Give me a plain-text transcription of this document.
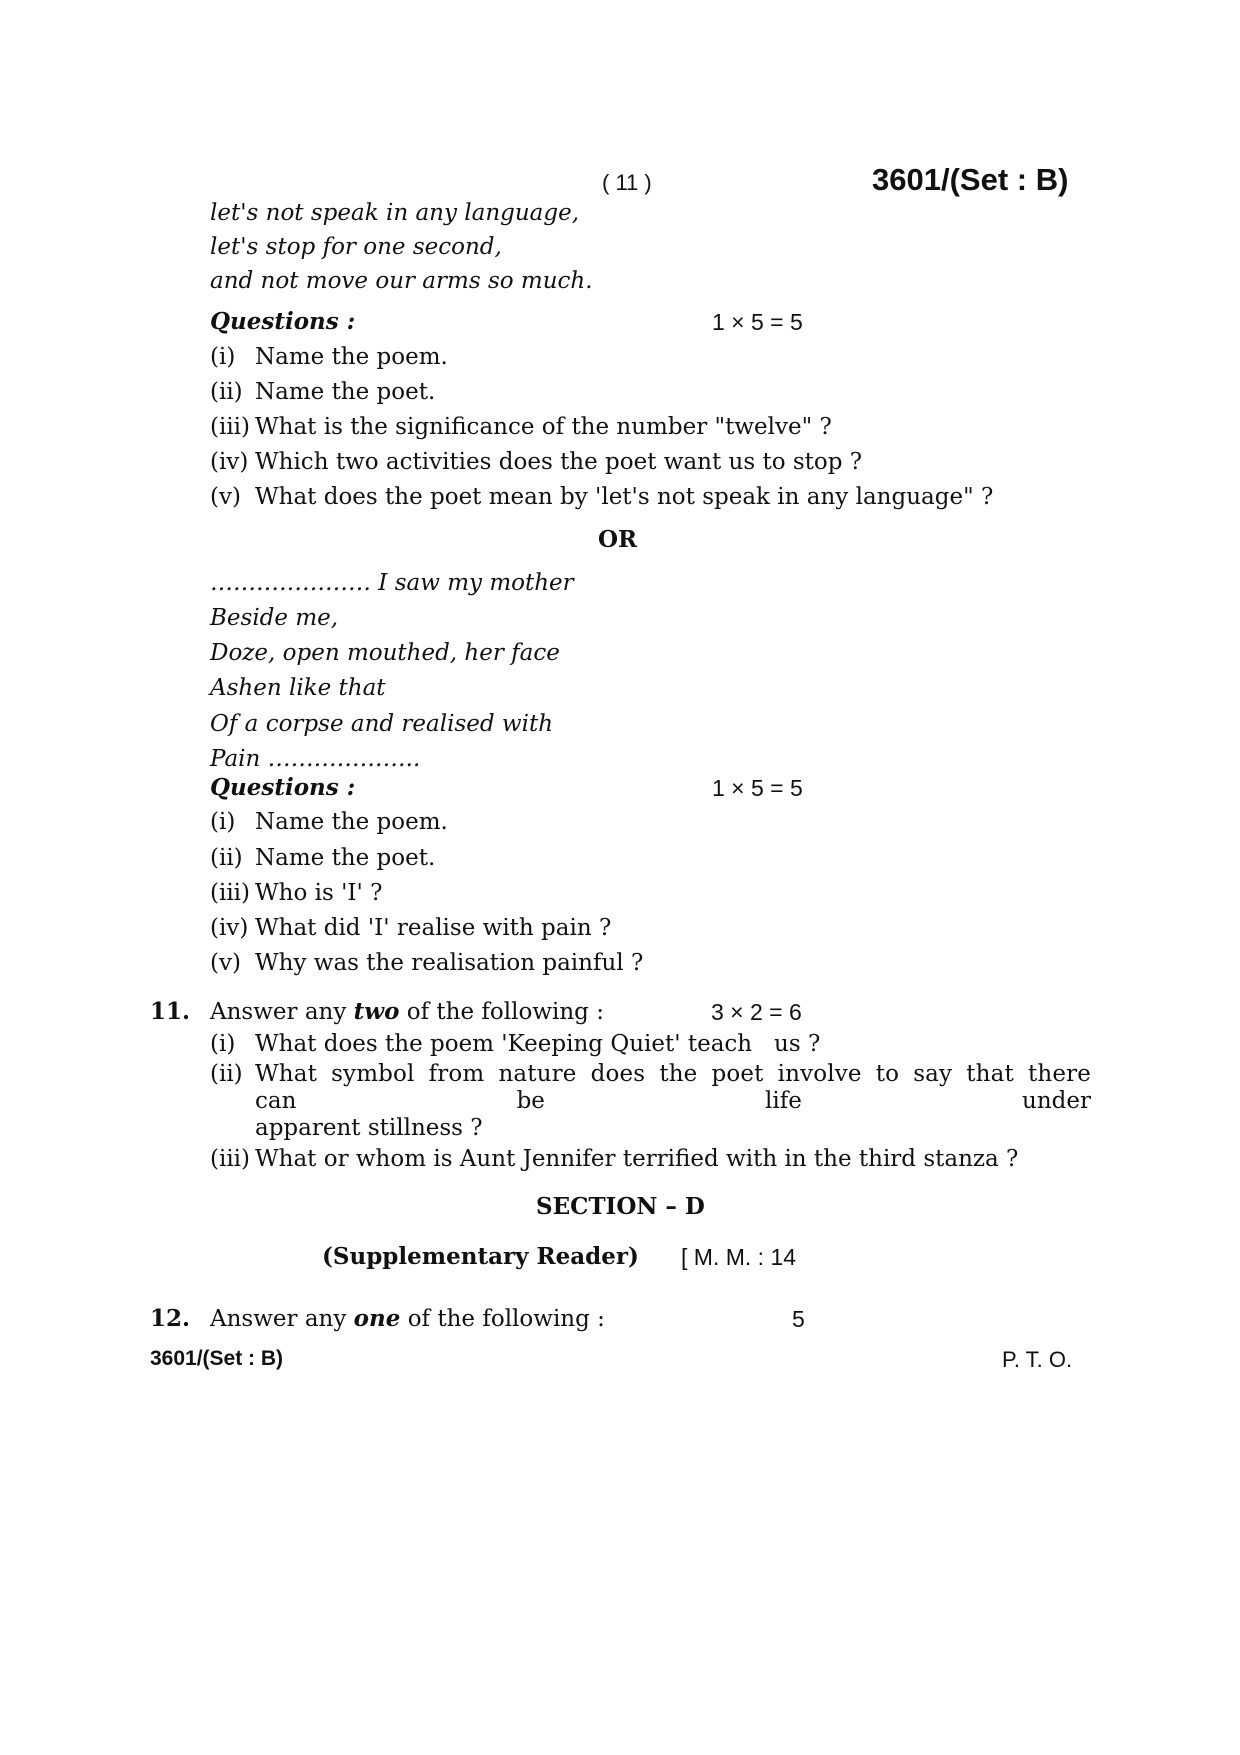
( 11 )	3601/(Set : B)
let's not speak in any language,
let's stop for one second,
and not move our arms so much.
Questions :	1 × 5 = 5
(i) Name the poem.
(ii) Name the poet.
(iii) What is the significance of the number "twelve" ?
(iv) Which two activities does the poet want us to stop ?
(v) What does the poet mean by 'let's not speak in any language" ?
OR
………………… I saw my mother
Beside me,
Doze, open mouthed, her face
Ashen like that
Of a corpse and realised with
Pain ………………..
Questions :	1 × 5 = 5
(i) Name the poem.
(ii) Name the poet.
(iii) Who is 'I' ?
(iv) What did 'I' realise with pain ?
(v) Why was the realisation painful ?
11. Answer any two of the following :	3 × 2 = 6
(i) What does the poem 'Keeping Quiet' teach   us ?
(ii) What symbol from nature does the poet involve to say that there
can	be	life	under
apparent stillness ?
(iii) What or whom is Aunt Jennifer terrified with in the third stanza ?
SECTION – D
(Supplementary Reader) [ M. M. : 14
12. Answer any one of the following :	5
3601/(Set : B)	P. T. O.
